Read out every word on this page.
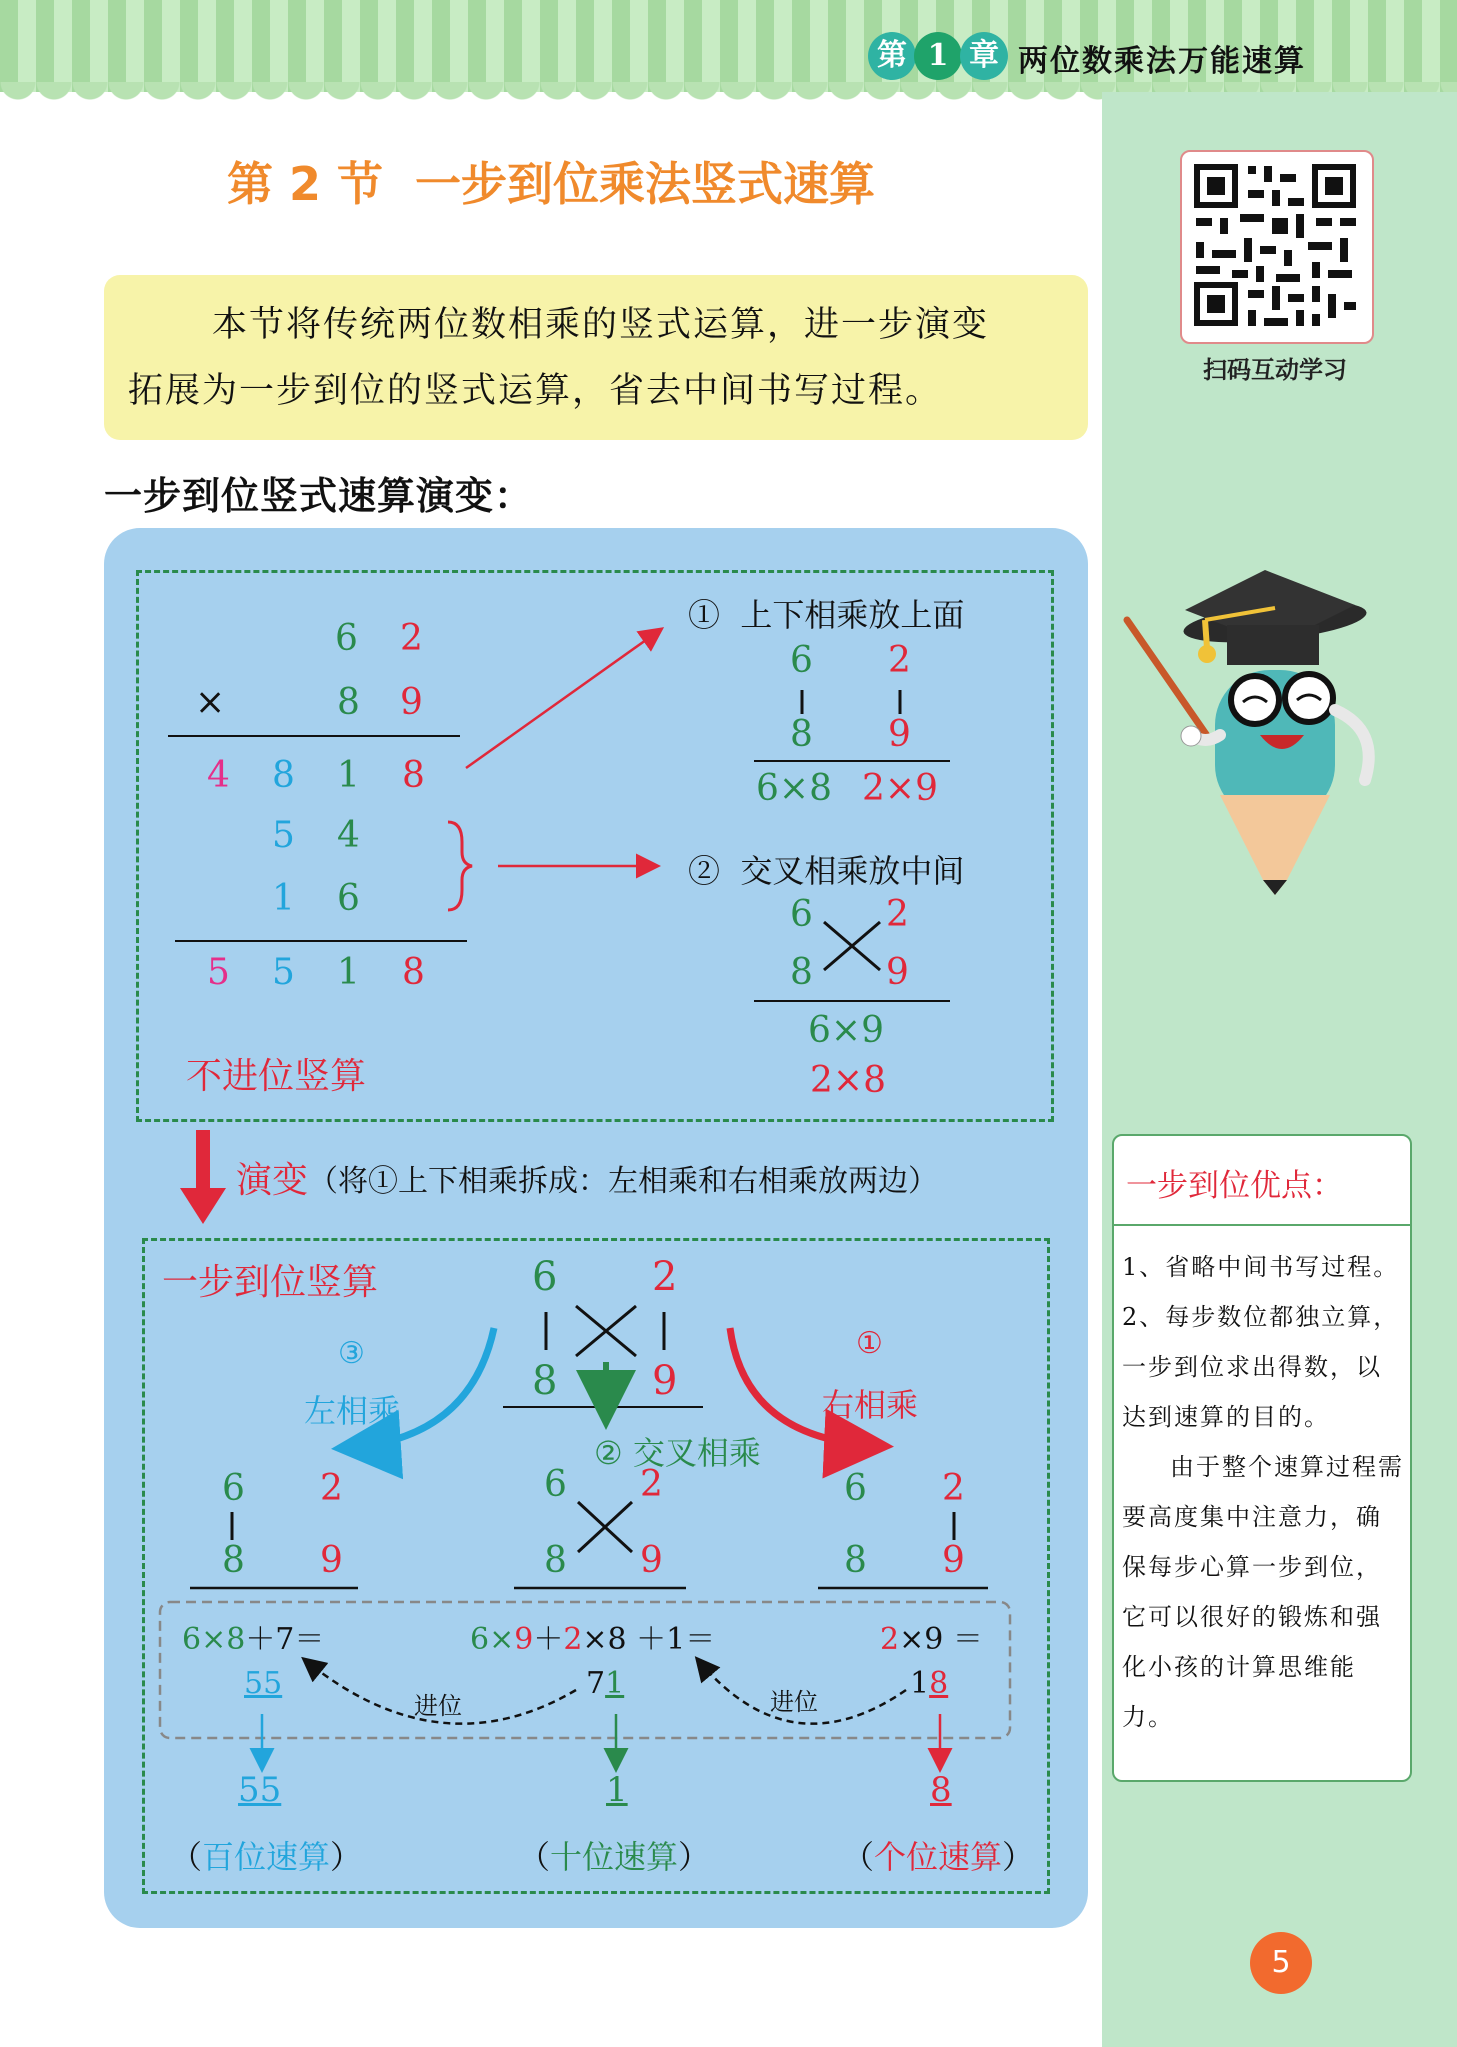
第 1 章 两位数乘法万能速算
第 2 节  一步到位乘法竖式速算
本节将传统两位数相乘的竖式运算，进一步演变
拓展为一步到位的竖式运算，省去中间书写过程。
扫码互动学习
一步到位竖式速算演变：
6 2
×	8 9
4 8 1 8
5 4
1 6
5 5 1 8
不进位竖算
①  上下相乘放上面
6 2
8 9
6×8 2×9
②  交叉相乘放中间
6 2
8 9
6×9
2×8
演变 （将①上下相乘拆成：左相乘和右相乘放两边）
一步到位竖算	6 2
8 9
③
左相乘
①
右相乘
② 交叉相乘
6 2
8 9
6 2
8 9
6 2
8 9
6×8＋7＝	6×9＋2×8 ＋1＝	2×9 ＝
55	71	18
进位	进位
55	1	8
（百位速算）	（十位速算）	（个位速算）
一步到位优点：
1、省略中间书写过程。
2、每步数位都独立算，一步到位求出得数，以达到速算的目的。
由于整个速算过程需要高度集中注意力，确保每步心算一步到位，它可以很好的锻炼和强化小孩的计算思维能力。
5
